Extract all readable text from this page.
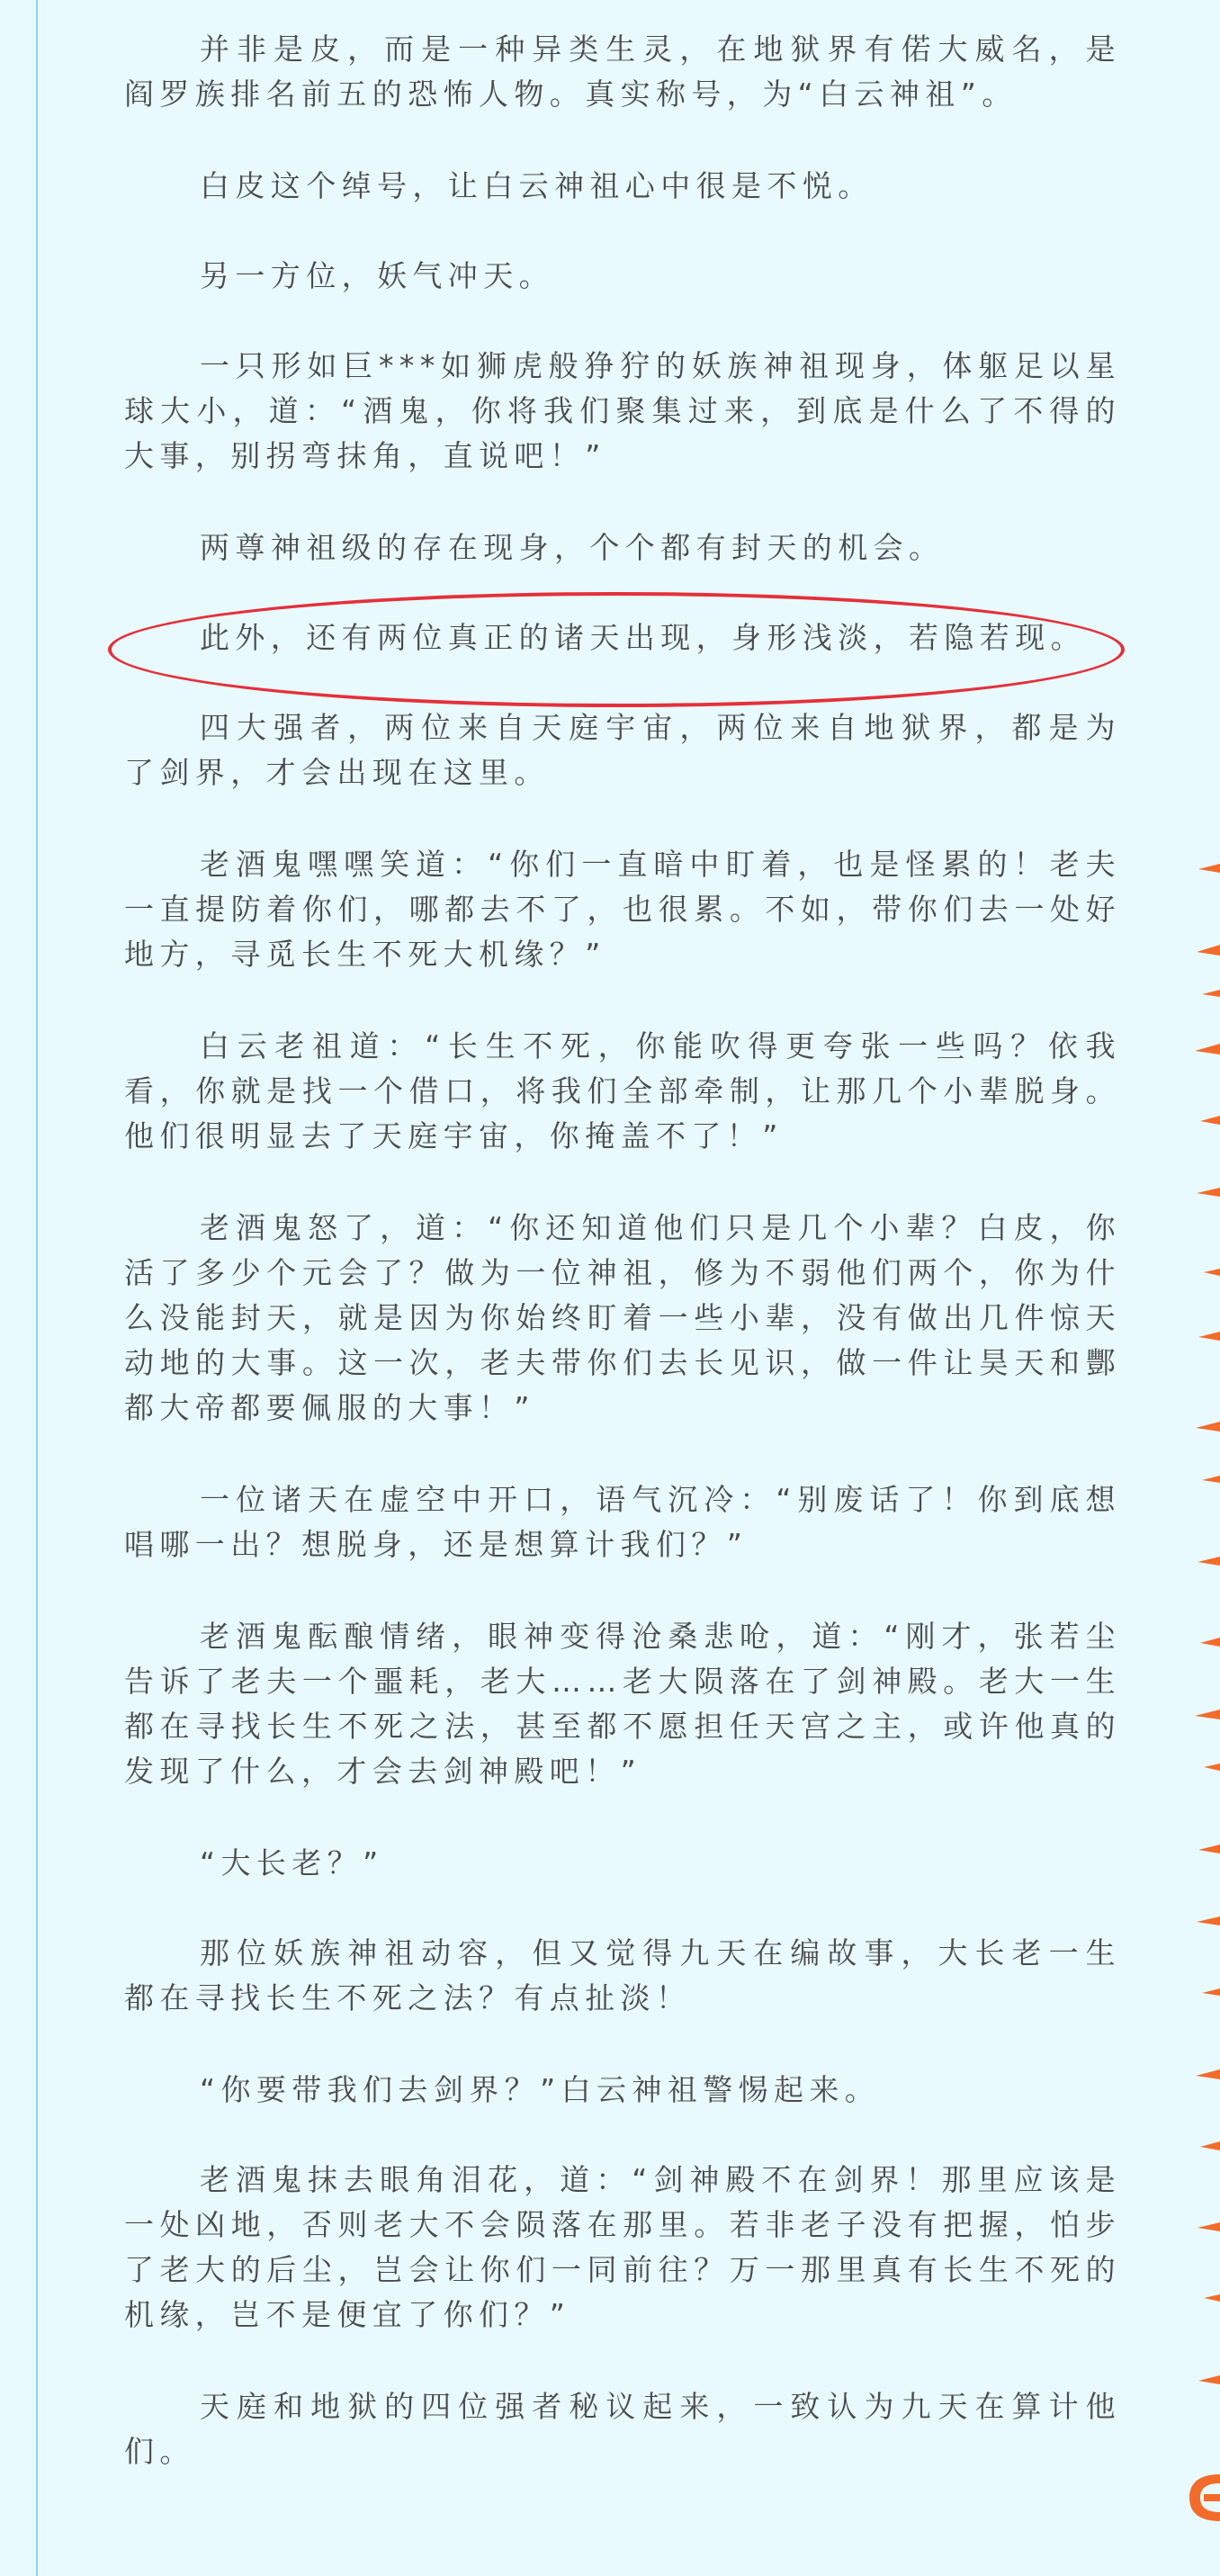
并非是皮，而是一种异类生灵，在地狱界有偌大威名，是阎罗族排名前五的恐怖人物。真实称号，为“白云神祖”。

白皮这个绰号，让白云神祖心中很是不悦。

另一方位，妖气冲天。

一只形如巨***如狮虎般狰狞的妖族神祖现身，体躯足以星球大小，道：“酒鬼，你将我们聚集过来，到底是什么了不得的大事，别拐弯抹角，直说吧！”

两尊神祖级的存在现身，个个都有封天的机会。

此外，还有两位真正的诸天出现，身形浅淡，若隐若现。

四大强者，两位来自天庭宇宙，两位来自地狱界，都是为了剑界，才会出现在这里。

老酒鬼嘿嘿笑道：“你们一直暗中盯着，也是怪累的！老夫一直提防着你们，哪都去不了，也很累。不如，带你们去一处好地方，寻觅长生不死大机缘？”

白云老祖道：“长生不死，你能吹得更夸张一些吗？依我看，你就是找一个借口，将我们全部牵制，让那几个小辈脱身。他们很明显去了天庭宇宙，你掩盖不了！”

老酒鬼怒了，道：“你还知道他们只是几个小辈？白皮，你活了多少个元会了？做为一位神祖，修为不弱他们两个，你为什么没能封天，就是因为你始终盯着一些小辈，没有做出几件惊天动地的大事。这一次，老夫带你们去长见识，做一件让昊天和酆都大帝都要佩服的大事！”

一位诸天在虚空中开口，语气沉冷：“别废话了！你到底想唱哪一出？想脱身，还是想算计我们？”

老酒鬼酝酿情绪，眼神变得沧桑悲呛，道：“刚才，张若尘告诉了老夫一个噩耗，老大……老大陨落在了剑神殿。老大一生都在寻找长生不死之法，甚至都不愿担任天宫之主，或许他真的发现了什么，才会去剑神殿吧！”

“大长老？”

那位妖族神祖动容，但又觉得九天在编故事，大长老一生都在寻找长生不死之法？有点扯淡！

“你要带我们去剑界？”白云神祖警惕起来。

老酒鬼抹去眼角泪花，道：“剑神殿不在剑界！那里应该是一处凶地，否则老大不会陨落在那里。若非老子没有把握，怕步了老大的后尘，岂会让你们一同前往？万一那里真有长生不死的机缘，岂不是便宜了你们？”

天庭和地狱的四位强者秘议起来，一致认为九天在算计他们。
